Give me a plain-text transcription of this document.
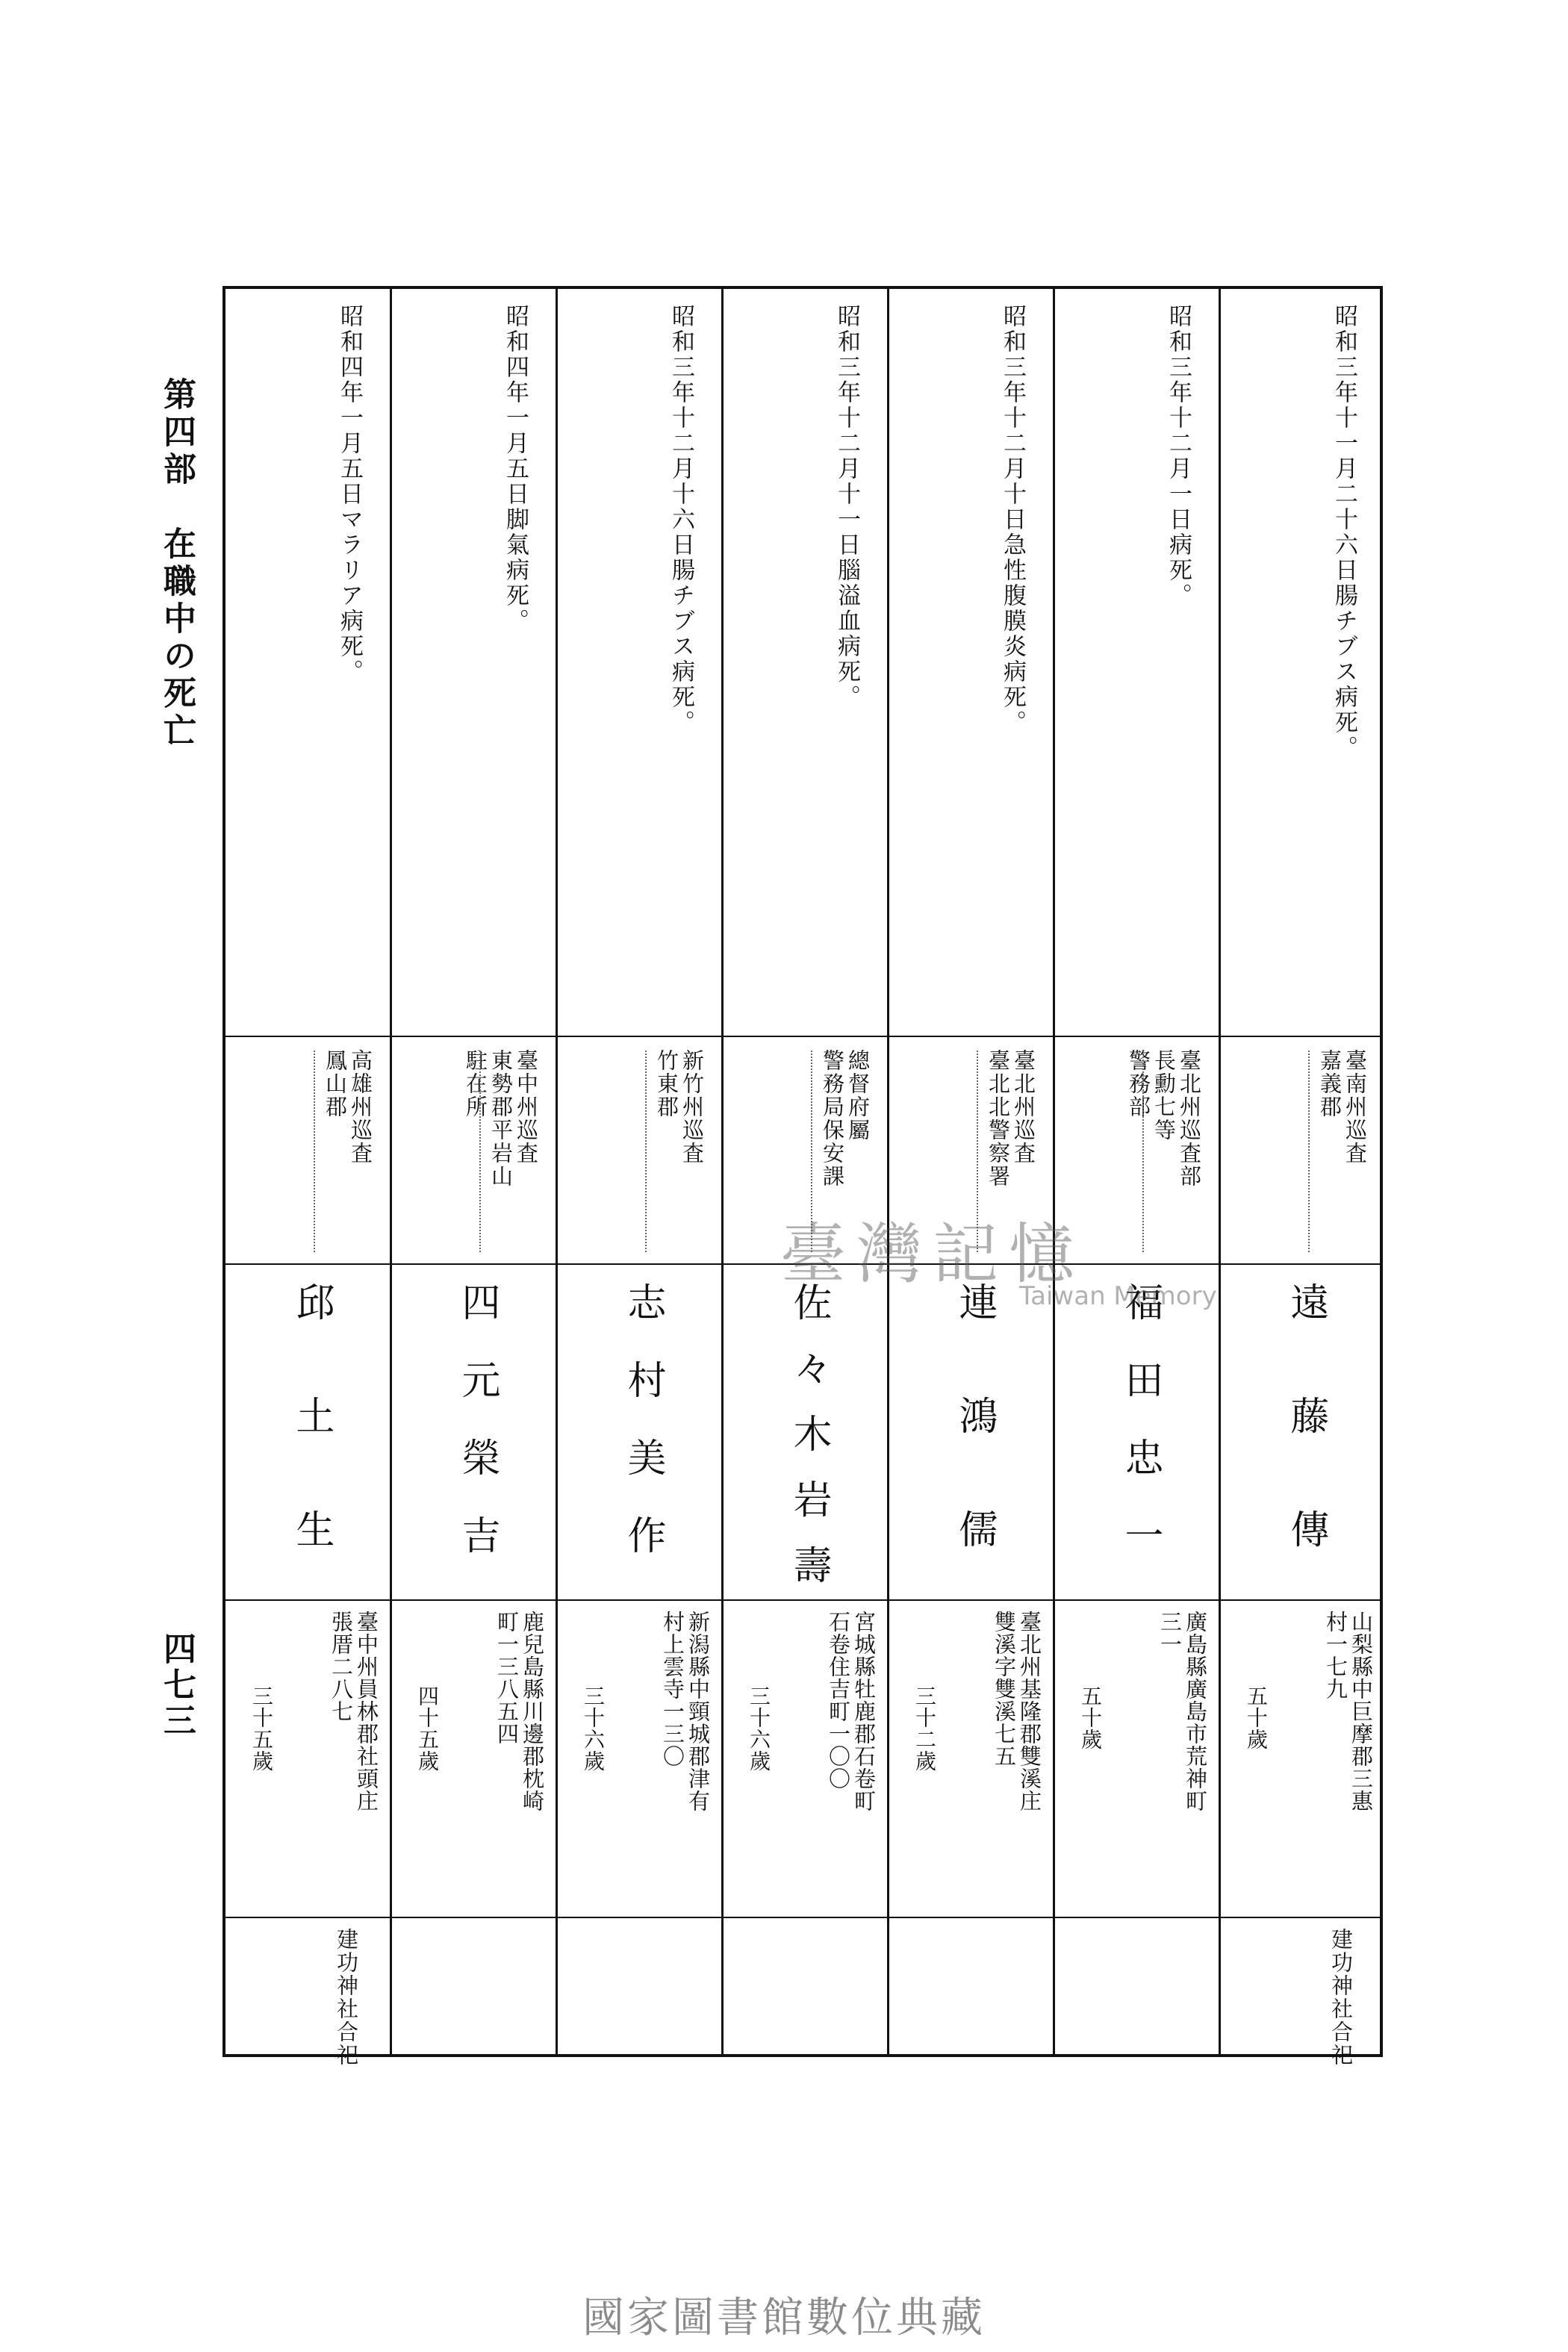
第四部　在職中の死亡
四七三
昭和三年十一月二十六日腸チブス病死。
臺南州巡査
嘉義郡
遠藤傳
山梨縣中巨摩郡三惠
村一七九
五十歲
建功神社合祀
昭和三年十二月一日病死。
臺北州巡査部
長勳七等
警務部
福田忠一
廣島縣廣島市荒神町
三一
五十歲
昭和三年十二月十日急性腹膜炎病死。
臺北州巡査
臺北北警察署
連鴻儒
臺北州基隆郡雙溪庄
雙溪字雙溪七五
三十二歲
昭和三年十二月十一日腦溢血病死。
總督府屬
警務局保安課
佐々木岩壽
宮城縣牡鹿郡石卷町
石卷住吉町一〇〇
三十六歲
昭和三年十二月十六日腸チブス病死。
新竹州巡査
竹東郡
志村美作
新潟縣中頸城郡津有
村上雲寺一三〇
三十六歲
昭和四年一月五日脚氣病死。
臺中州巡査
東勢郡平岩山
駐在所
四元榮吉
鹿兒島縣川邊郡枕崎
町一三八五四
四十五歲
昭和四年一月五日マラリア病死。
高雄州巡査
鳳山郡
邱土生
臺中州員林郡社頭庄
張厝二八七
三十五歲
建功神社合祀
臺灣記憶
Taiwan Memory
國家圖書館數位典藏
